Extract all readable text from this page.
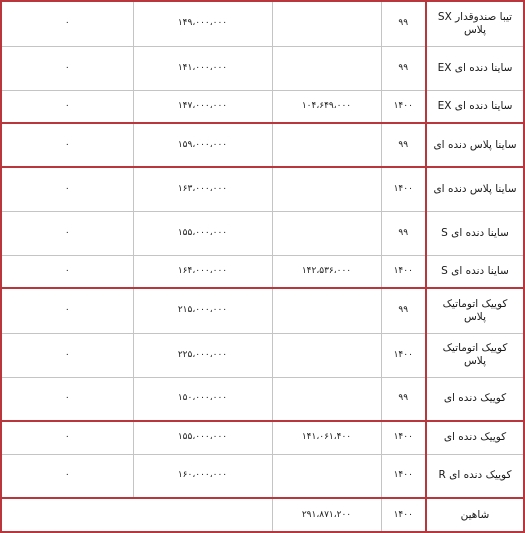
۰	۱۴۹،۰۰۰،۰۰۰		۹۹	تیبا صندوقدار SX پلاس
۰	۱۴۱،۰۰۰،۰۰۰		۹۹	ساینا دنده ای EX
۰	۱۴۷،۰۰۰،۰۰۰	۱۰۴،۶۴۹،۰۰۰	۱۴۰۰	ساینا دنده ای EX
۰	۱۵۹،۰۰۰،۰۰۰		۹۹	ساینا پلاس دنده ای
۰	۱۶۳،۰۰۰،۰۰۰		۱۴۰۰	ساینا پلاس دنده ای
۰	۱۵۵،۰۰۰،۰۰۰		۹۹	ساینا دنده ای S
۰	۱۶۴،۰۰۰،۰۰۰	۱۴۲،۵۳۶،۰۰۰	۱۴۰۰	ساینا دنده ای S
۰	۲۱۵،۰۰۰،۰۰۰		۹۹	کوییک اتوماتیک پلاس
۰	۲۲۵،۰۰۰،۰۰۰		۱۴۰۰	کوییک اتوماتیک پلاس
۰	۱۵۰،۰۰۰،۰۰۰		۹۹	کوییک دنده ای
۰	۱۵۵،۰۰۰،۰۰۰	۱۴۱،۰۶۱،۴۰۰	۱۴۰۰	کوییک دنده ای
۰	۱۶۰،۰۰۰،۰۰۰		۱۴۰۰	کوییک دنده ای R
		۲۹۱،۸۷۱،۲۰۰	۱۴۰۰	شاهین
